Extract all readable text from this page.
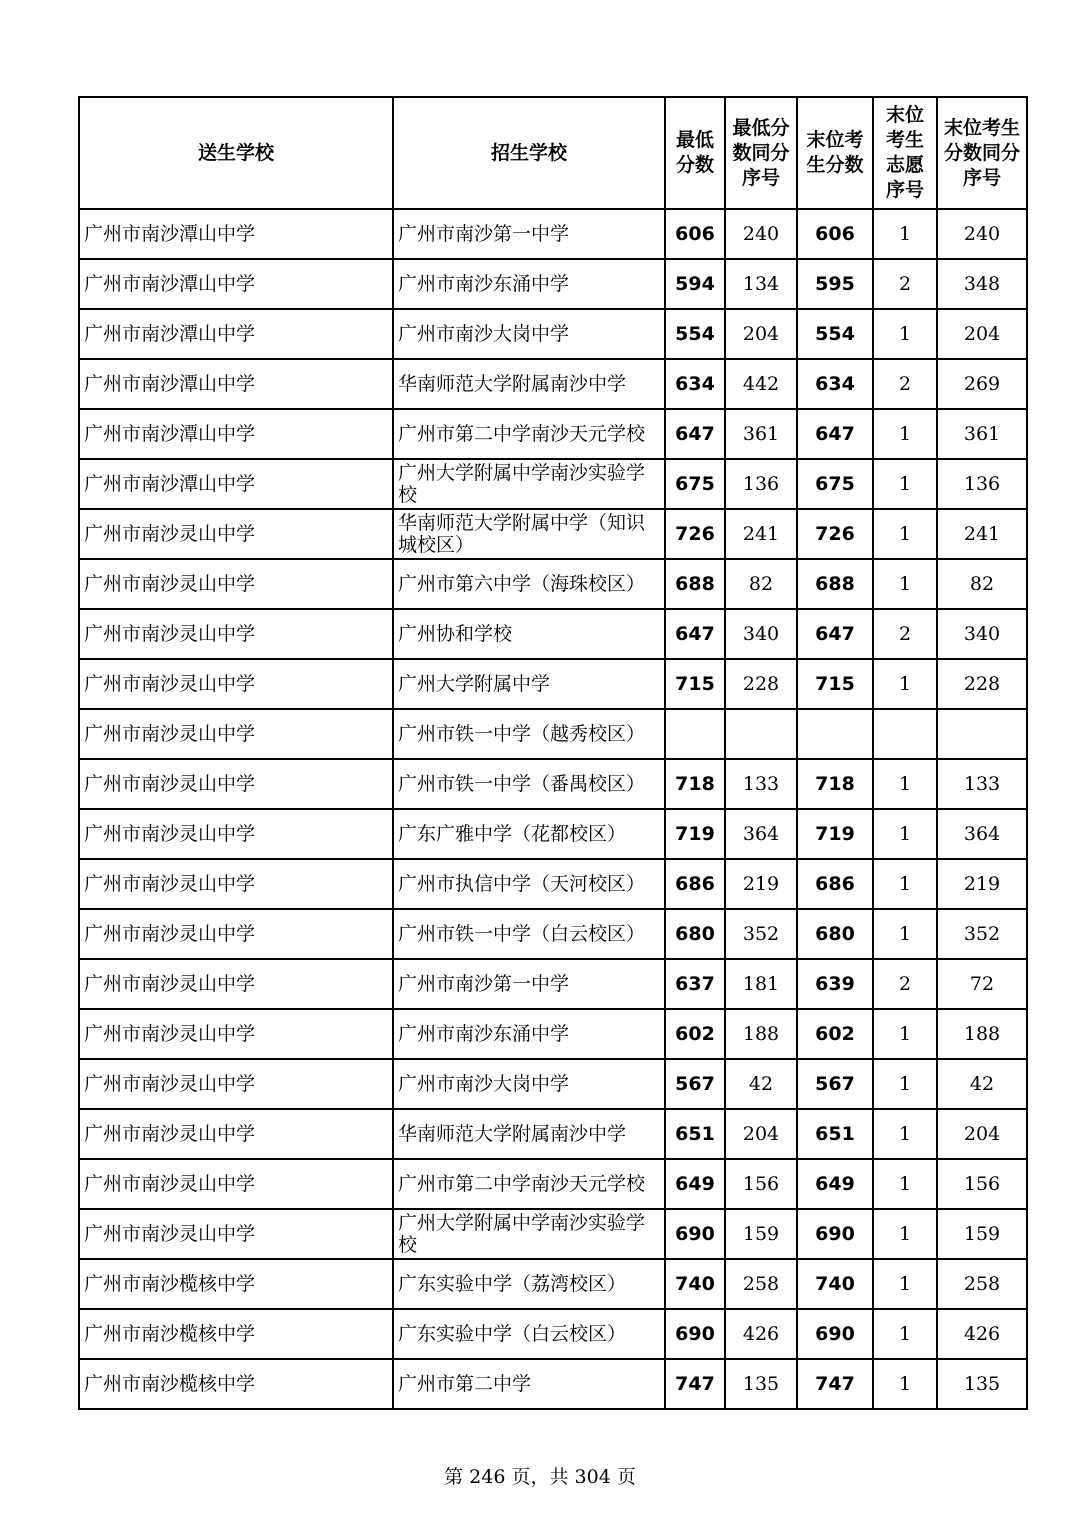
送生学校	招生学校	最低分数	最低分数同分序号	末位考生分数	末位考生志愿序号	末位考生分数同分序号

广州市南沙潭山中学	广州市南沙第一中学	606	240	606	1	240
广州市南沙潭山中学	广州市南沙东涌中学	594	134	595	2	348
广州市南沙潭山中学	广州市南沙大岗中学	554	204	554	1	204
广州市南沙潭山中学	华南师范大学附属南沙中学	634	442	634	2	269
广州市南沙潭山中学	广州市第二中学南沙天元学校	647	361	647	1	361
广州市南沙潭山中学	广州大学附属中学南沙实验学校	675	136	675	1	136
广州市南沙灵山中学	华南师范大学附属中学（知识城校区）	726	241	726	1	241
广州市南沙灵山中学	广州市第六中学（海珠校区）	688	82	688	1	82
广州市南沙灵山中学	广州协和学校	647	340	647	2	340
广州市南沙灵山中学	广州大学附属中学	715	228	715	1	228
广州市南沙灵山中学	广州市铁一中学（越秀校区）					
广州市南沙灵山中学	广州市铁一中学（番禺校区）	718	133	718	1	133
广州市南沙灵山中学	广东广雅中学（花都校区）	719	364	719	1	364
广州市南沙灵山中学	广州市执信中学（天河校区）	686	219	686	1	219
广州市南沙灵山中学	广州市铁一中学（白云校区）	680	352	680	1	352
广州市南沙灵山中学	广州市南沙第一中学	637	181	639	2	72
广州市南沙灵山中学	广州市南沙东涌中学	602	188	602	1	188
广州市南沙灵山中学	广州市南沙大岗中学	567	42	567	1	42
广州市南沙灵山中学	华南师范大学附属南沙中学	651	204	651	1	204
广州市南沙灵山中学	广州市第二中学南沙天元学校	649	156	649	1	156
广州市南沙灵山中学	广州大学附属中学南沙实验学校	690	159	690	1	159
广州市南沙榄核中学	广东实验中学（荔湾校区）	740	258	740	1	258
广州市南沙榄核中学	广东实验中学（白云校区）	690	426	690	1	426
广州市南沙榄核中学	广州市第二中学	747	135	747	1	135
第 246 页，共 304 页
